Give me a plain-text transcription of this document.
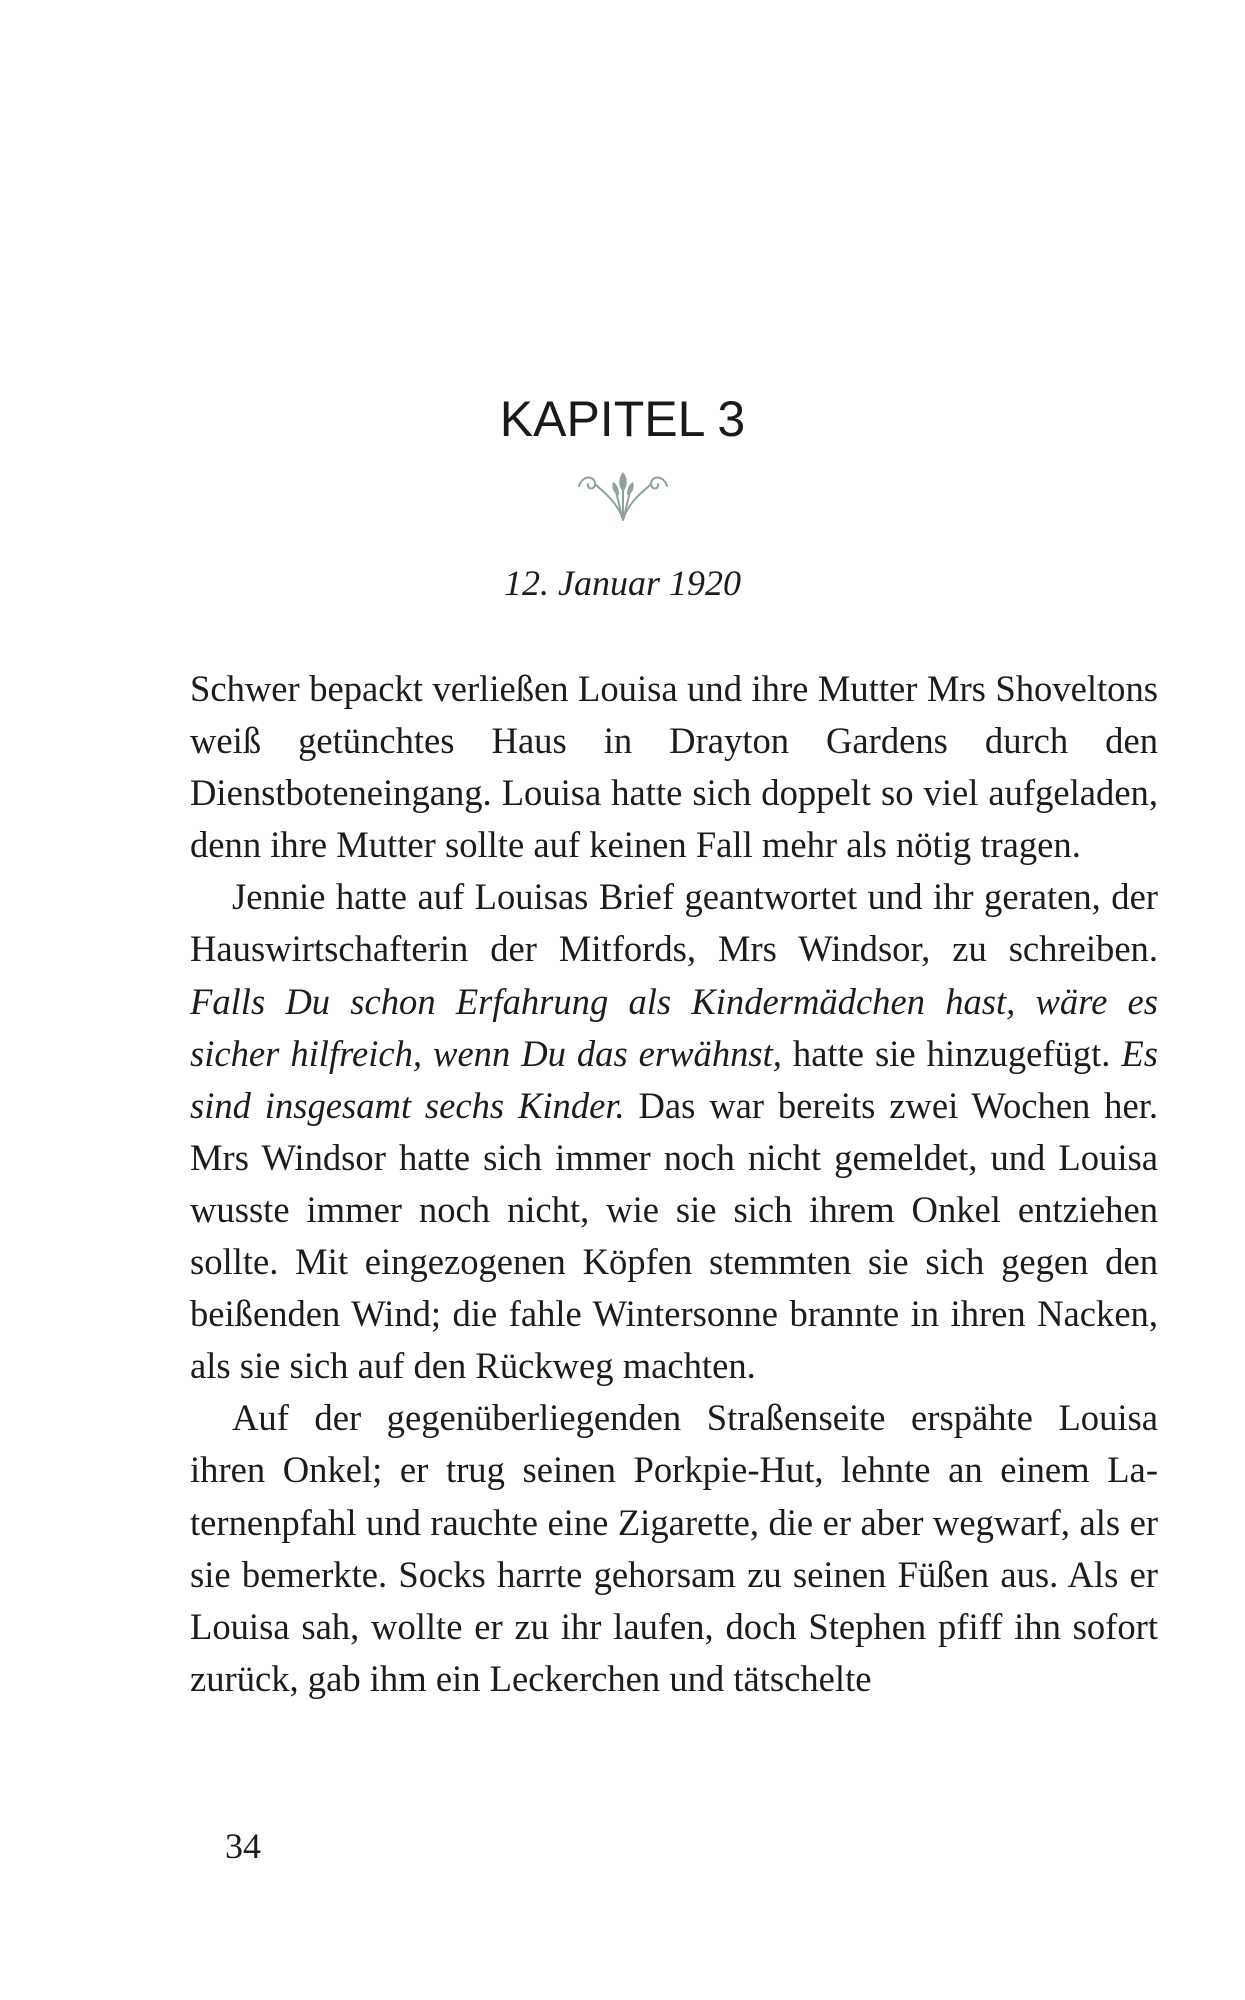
KAPITEL 3
12. Januar 1920

Schwer bepackt verließen Louisa und ihre Mutter Mrs Shoveltons weiß getünchtes Haus in Drayton Gardens durch den Dienstboteneingang. Louisa hatte sich doppelt so viel aufgeladen, denn ihre Mutter sollte auf keinen Fall mehr als nötig tragen.

Jennie hatte auf Louisas Brief geantwortet und ihr geraten, der Hauswirtschafterin der Mitfords, Mrs Windsor, zu schreiben. Falls Du schon Erfahrung als Kindermädchen hast, wäre es sicher hilfreich, wenn Du das erwähnst, hatte sie hinzugefügt. Es sind insgesamt sechs Kinder. Das war bereits zwei Wochen her. Mrs Windsor hatte sich immer noch nicht gemeldet, und Louisa wusste immer noch nicht, wie sie sich ihrem Onkel entziehen sollte. Mit eingezogenen Köpfen stemmten sie sich gegen den beißenden Wind; die fahle Wintersonne brannte in ihren Nacken, als sie sich auf den Rückweg machten.

Auf der gegenüberliegenden Straßenseite erspähte Louisa ihren Onkel; er trug seinen Porkpie-Hut, lehnte an einem Laternenpfahl und rauchte eine Zigarette, die er aber wegwarf, als er sie bemerkte. Socks harrte gehorsam zu seinen Füßen aus. Als er Louisa sah, wollte er zu ihr laufen, doch Stephen pfiff ihn sofort zurück, gab ihm ein Leckerchen und tätschelte

34
